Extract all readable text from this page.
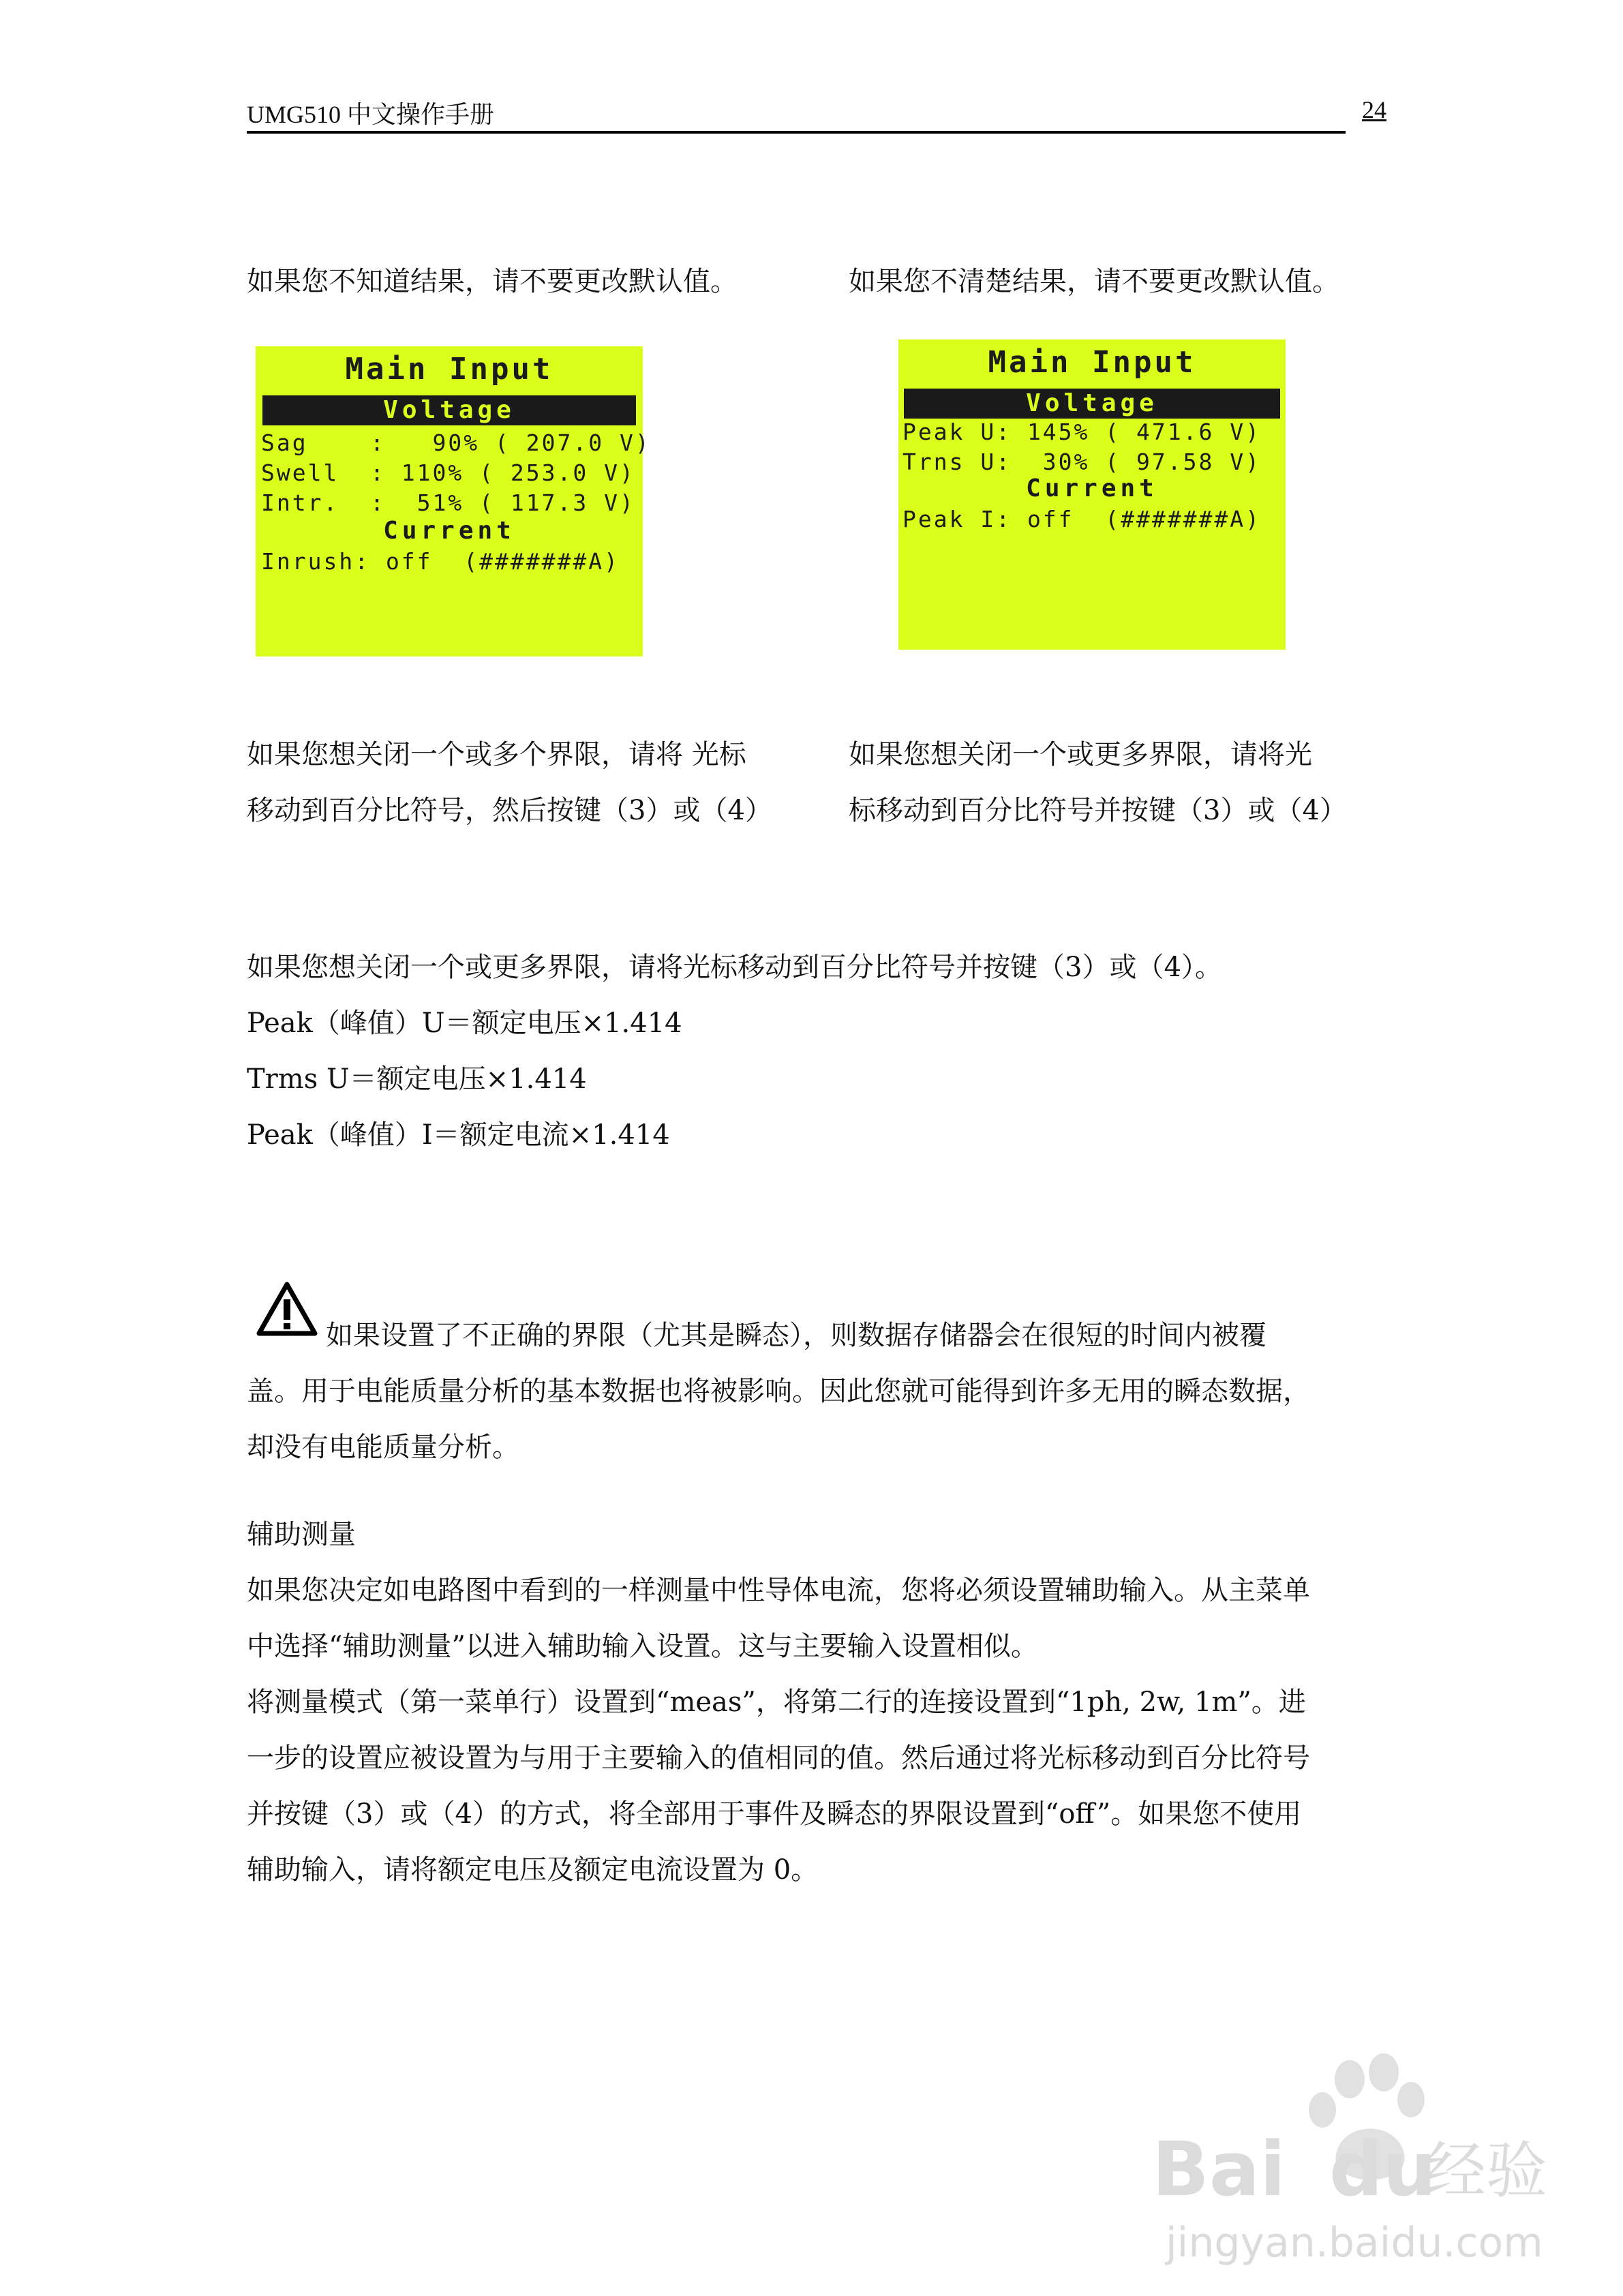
UMG510 中文操作手册	24
如果您不知道结果，请不要更改默认值。
Main Input
Voltage
Sag    :   90% ( 207.0 V)
Swell  : 110% ( 253.0 V)
Intr.  :  51% ( 117.3 V)
Current
Inrush: off  (#######A)
如果您想关闭一个或多个界限，请将 光标
移动到百分比符号，然后按键（3）或（4）
如果您不清楚结果，请不要更改默认值。
Main Input
Voltage
Peak U: 145% ( 471.6 V)
Trns U:  30% ( 97.58 V)
Current
Peak I: off  (#######A)
如果您想关闭一个或更多界限，请将光
标移动到百分比符号并按键（3）或（4）
如果您想关闭一个或更多界限，请将光标移动到百分比符号并按键（3）或（4）。
Peak（峰值）U＝额定电压×1.414
Trms U＝额定电压×1.414
Peak（峰值）I＝额定电流×1.414
如果设置了不正确的界限（尤其是瞬态），则数据存储器会在很短的时间内被覆
盖。用于电能质量分析的基本数据也将被影响。因此您就可能得到许多无用的瞬态数据，
却没有电能质量分析。
辅助测量
如果您决定如电路图中看到的一样测量中性导体电流，您将必须设置辅助输入。从主菜单
中选择“辅助测量”以进入辅助输入设置。这与主要输入设置相似。
将测量模式（第一菜单行）设置到“meas”，将第二行的连接设置到“1ph, 2w, 1m”。进
一步的设置应被设置为与用于主要输入的值相同的值。然后通过将光标移动到百分比符号
并按键（3）或（4）的方式，将全部用于事件及瞬态的界限设置到“off”。如果您不使用
辅助输入，请将额定电压及额定电流设置为 0。
Bai du
经验
jingyan.baidu.com
